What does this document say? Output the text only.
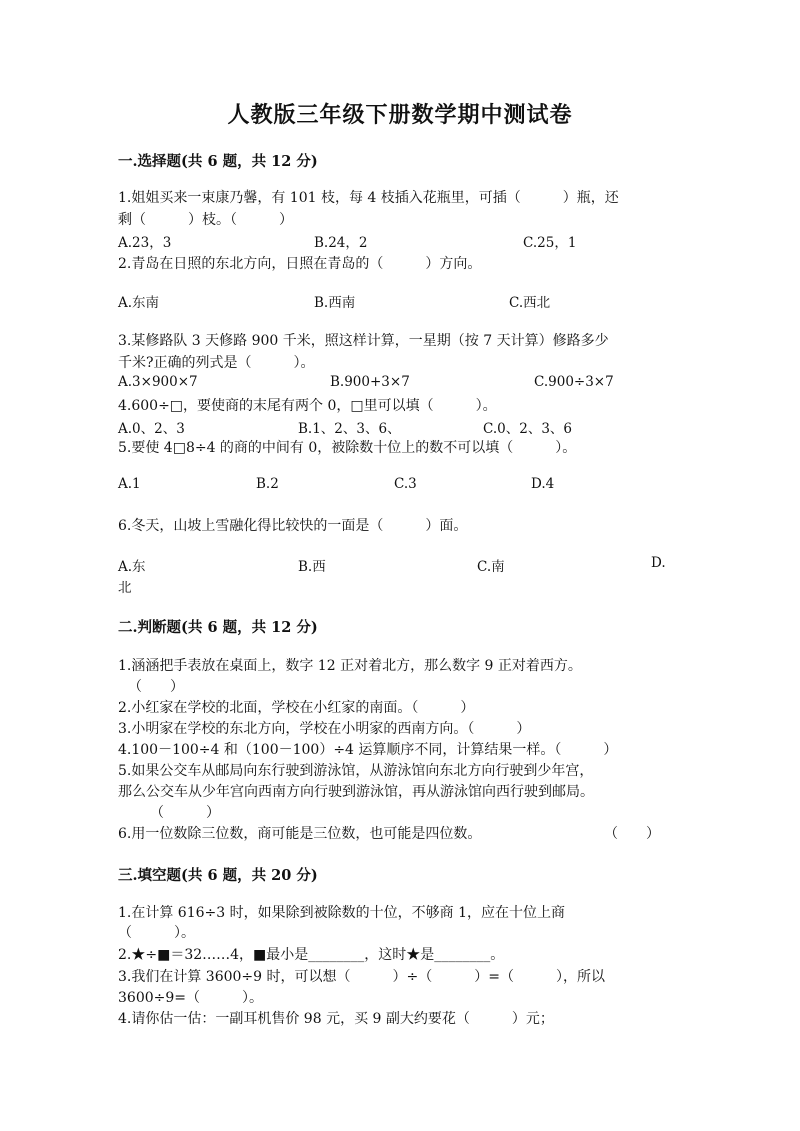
人教版三年级下册数学期中测试卷
一.选择题(共 6 题，共 12 分)
1.姐姐买来一束康乃馨，有 101 枝，每 4 枝插入花瓶里，可插（　　　）瓶，还
剩（　　　）枝。（　　　）
A.23，3	B.24，2	C.25，1
2.青岛在日照的东北方向，日照在青岛的（　　　）方向。
A.东南	B.西南	C.西北
3.某修路队 3 天修路 900 千米，照这样计算，一星期（按 7 天计算）修路多少
千米?正确的列式是（　　　）。
A.3×900×7	B.900+3×7	C.900÷3×7
4.600÷□，要使商的末尾有两个 0，□里可以填（　　　）。
A.0、2、3	B.1、2、3、6、	C.0、2、3、6
5.要使 4□8÷4 的商的中间有 0，被除数十位上的数不可以填（　　　）。
A.1	B.2	C.3	D.4
6.冬天，山坡上雪融化得比较快的一面是（　　　）面。
A.东	B.西	C.南	D.
北
二.判断题(共 6 题，共 12 分)
1.涵涵把手表放在桌面上，数字 12 正对着北方，那么数字 9 正对着西方。
（　　）
2.小红家在学校的北面，学校在小红家的南面。（　　　）
3.小明家在学校的东北方向，学校在小明家的西南方向。（　　　）
4.100－100÷4 和（100－100）÷4 运算顺序不同，计算结果一样。（　　　）
5.如果公交车从邮局向东行驶到游泳馆，从游泳馆向东北方向行驶到少年宫，
那么公交车从少年宫向西南方向行驶到游泳馆，再从游泳馆向西行驶到邮局。
（　　　）
6.用一位数除三位数，商可能是三位数，也可能是四位数。	（　　）
三.填空题(共 6 题，共 20 分)
1.在计算 616÷3 时，如果除到被除数的十位，不够商 1，应在十位上商
（　　　）。
2.★÷■＝32……4，■最小是________，这时★是________。
3.我们在计算 3600÷9 时，可以想（　　　）÷（　　　）=（　　　），所以
3600÷9=（　　　）。
4.请你估一估：一副耳机售价 98 元，买 9 副大约要花（　　　）元；
